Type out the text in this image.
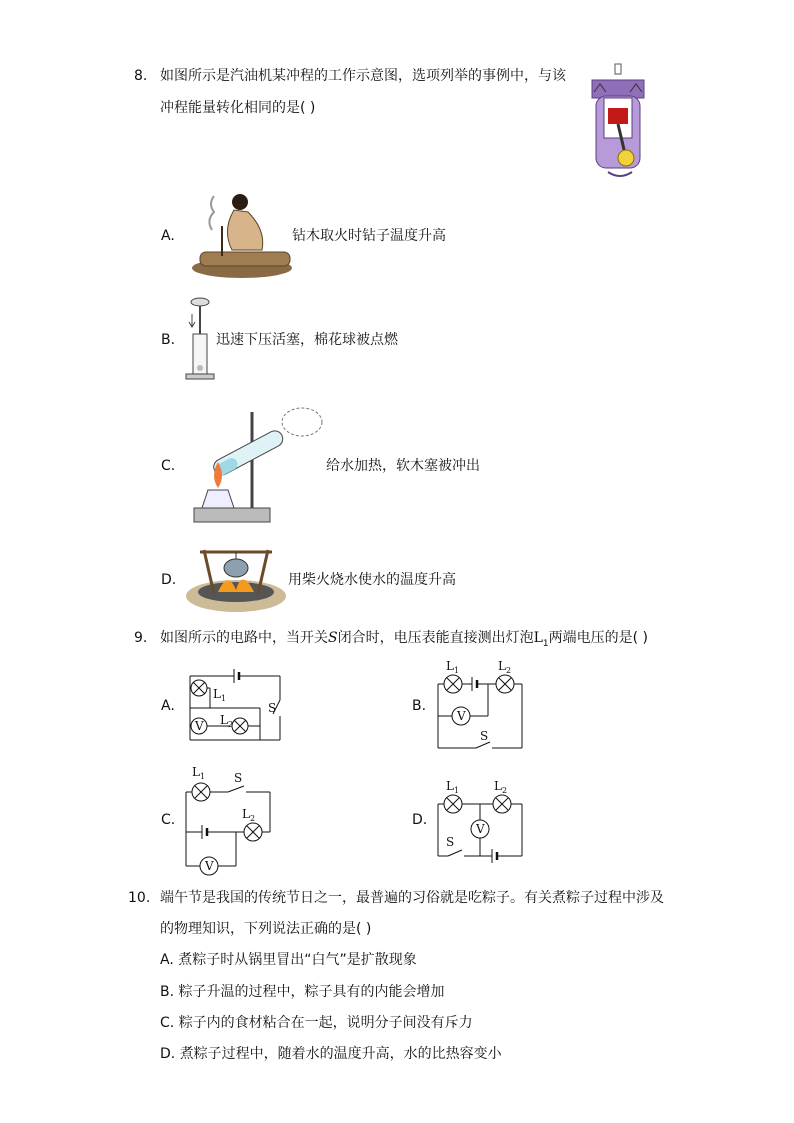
8. 如图所示是汽油机某冲程的工作示意图，选项列举的事例中，与该
冲程能量转化相同的是( )
A.	钻木取火时钻子温度升高
B.	迅速下压活塞，棉花球被点燃
C.	给水加热，软木塞被冲出
D.	用柴火烧水使水的温度升高
9. 如图所示的电路中，当开关S闭合时，电压表能直接测出灯泡$L_1$两端电压的是( )
A.
$L_1$
V $L_2$
S	B.
$L_1$	$L_2$
V
S
C.
$L_1$ S
$L_2$
V
D.
$L_1$	$L_2$
V
S
10. 端午节是我国的传统节日之一，最普遍的习俗就是吃粽子。有关煮粽子过程中涉及
的物理知识，下列说法正确的是( )
A. 煮粽子时从锅里冒出“白气”是扩散现象
B. 粽子升温的过程中，粽子具有的内能会增加
C. 粽子内的食材粘合在一起，说明分子间没有斥力
D. 煮粽子过程中，随着水的温度升高，水的比热容变小
